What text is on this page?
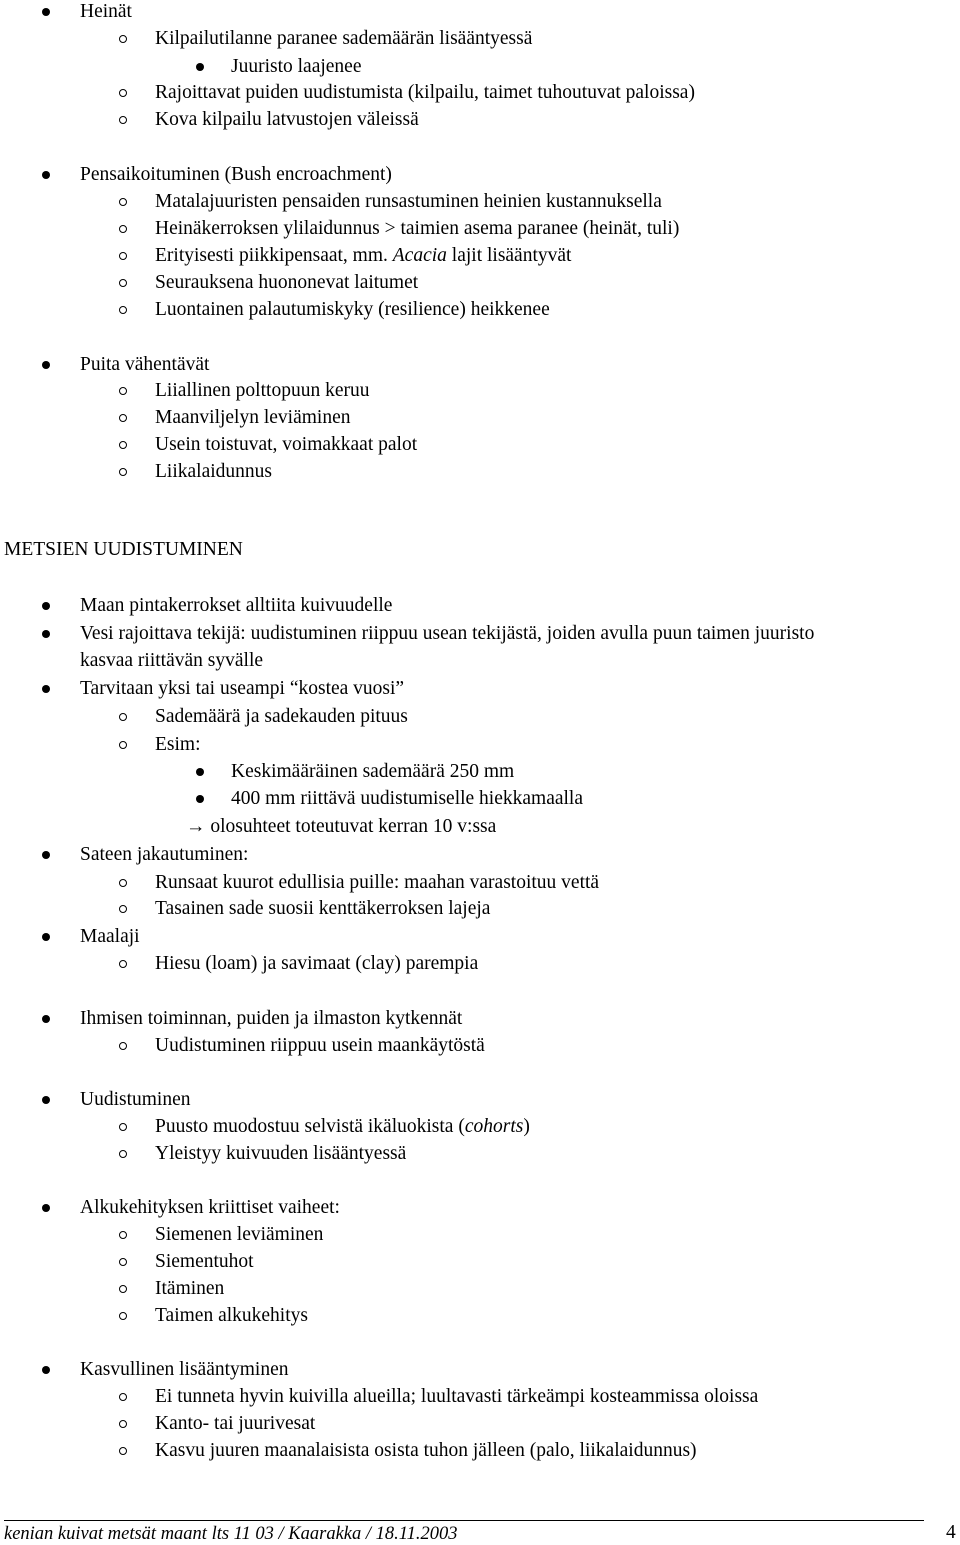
Heinät
Kilpailutilanne paranee sademäärän lisääntyessä
Juuristo laajenee
Rajoittavat puiden uudistumista (kilpailu, taimet tuhoutuvat paloissa)
Kova kilpailu latvustojen väleissä
Pensaikoituminen (Bush encroachment)
Matalajuuristen pensaiden runsastuminen heinien kustannuksella
Heinäkerroksen ylilaidunnus > taimien asema paranee (heinät, tuli)
Erityisesti piikkipensaat, mm. Acacia lajit lisääntyvät
Seurauksena huononevat laitumet
Luontainen palautumiskyky (resilience) heikkenee
Puita vähentävät
Liiallinen polttopuun keruu
Maanviljelyn leviäminen
Usein toistuvat, voimakkaat palot
Liikalaidunnus
METSIEN UUDISTUMINEN
Maan pintakerrokset alltiita kuivuudelle
Vesi rajoittava tekijä: uudistuminen riippuu usean tekijästä, joiden avulla puun taimen juuristo
kasvaa riittävän syvälle
Tarvitaan yksi tai useampi “kostea vuosi”
Sademäärä ja sadekauden pituus
Esim:
Keskimääräinen sademäärä 250 mm
400 mm riittävä uudistumiselle hiekkamaalla
→ olosuhteet toteutuvat kerran 10 v:ssa
Sateen jakautuminen:
Runsaat kuurot edullisia puille: maahan varastoituu vettä
Tasainen sade suosii kenttäkerroksen lajeja
Maalaji
Hiesu (loam) ja savimaat (clay) parempia
Ihmisen toiminnan, puiden ja ilmaston kytkennät
Uudistuminen riippuu usein maankäytöstä
Uudistuminen
Puusto muodostuu selvistä ikäluokista (cohorts)
Yleistyy kuivuuden lisääntyessä
Alkukehityksen kriittiset vaiheet:
Siemenen leviäminen
Siementuhot
Itäminen
Taimen alkukehitys
Kasvullinen lisääntyminen
Ei tunneta hyvin kuivilla alueilla; luultavasti tärkeämpi kosteammissa oloissa
Kanto- tai juurivesat
Kasvu juuren maanalaisista osista tuhon jälleen (palo, liikalaidunnus)
kenian kuivat metsät maant lts 11 03 / Kaarakka / 18.11.2003	4
